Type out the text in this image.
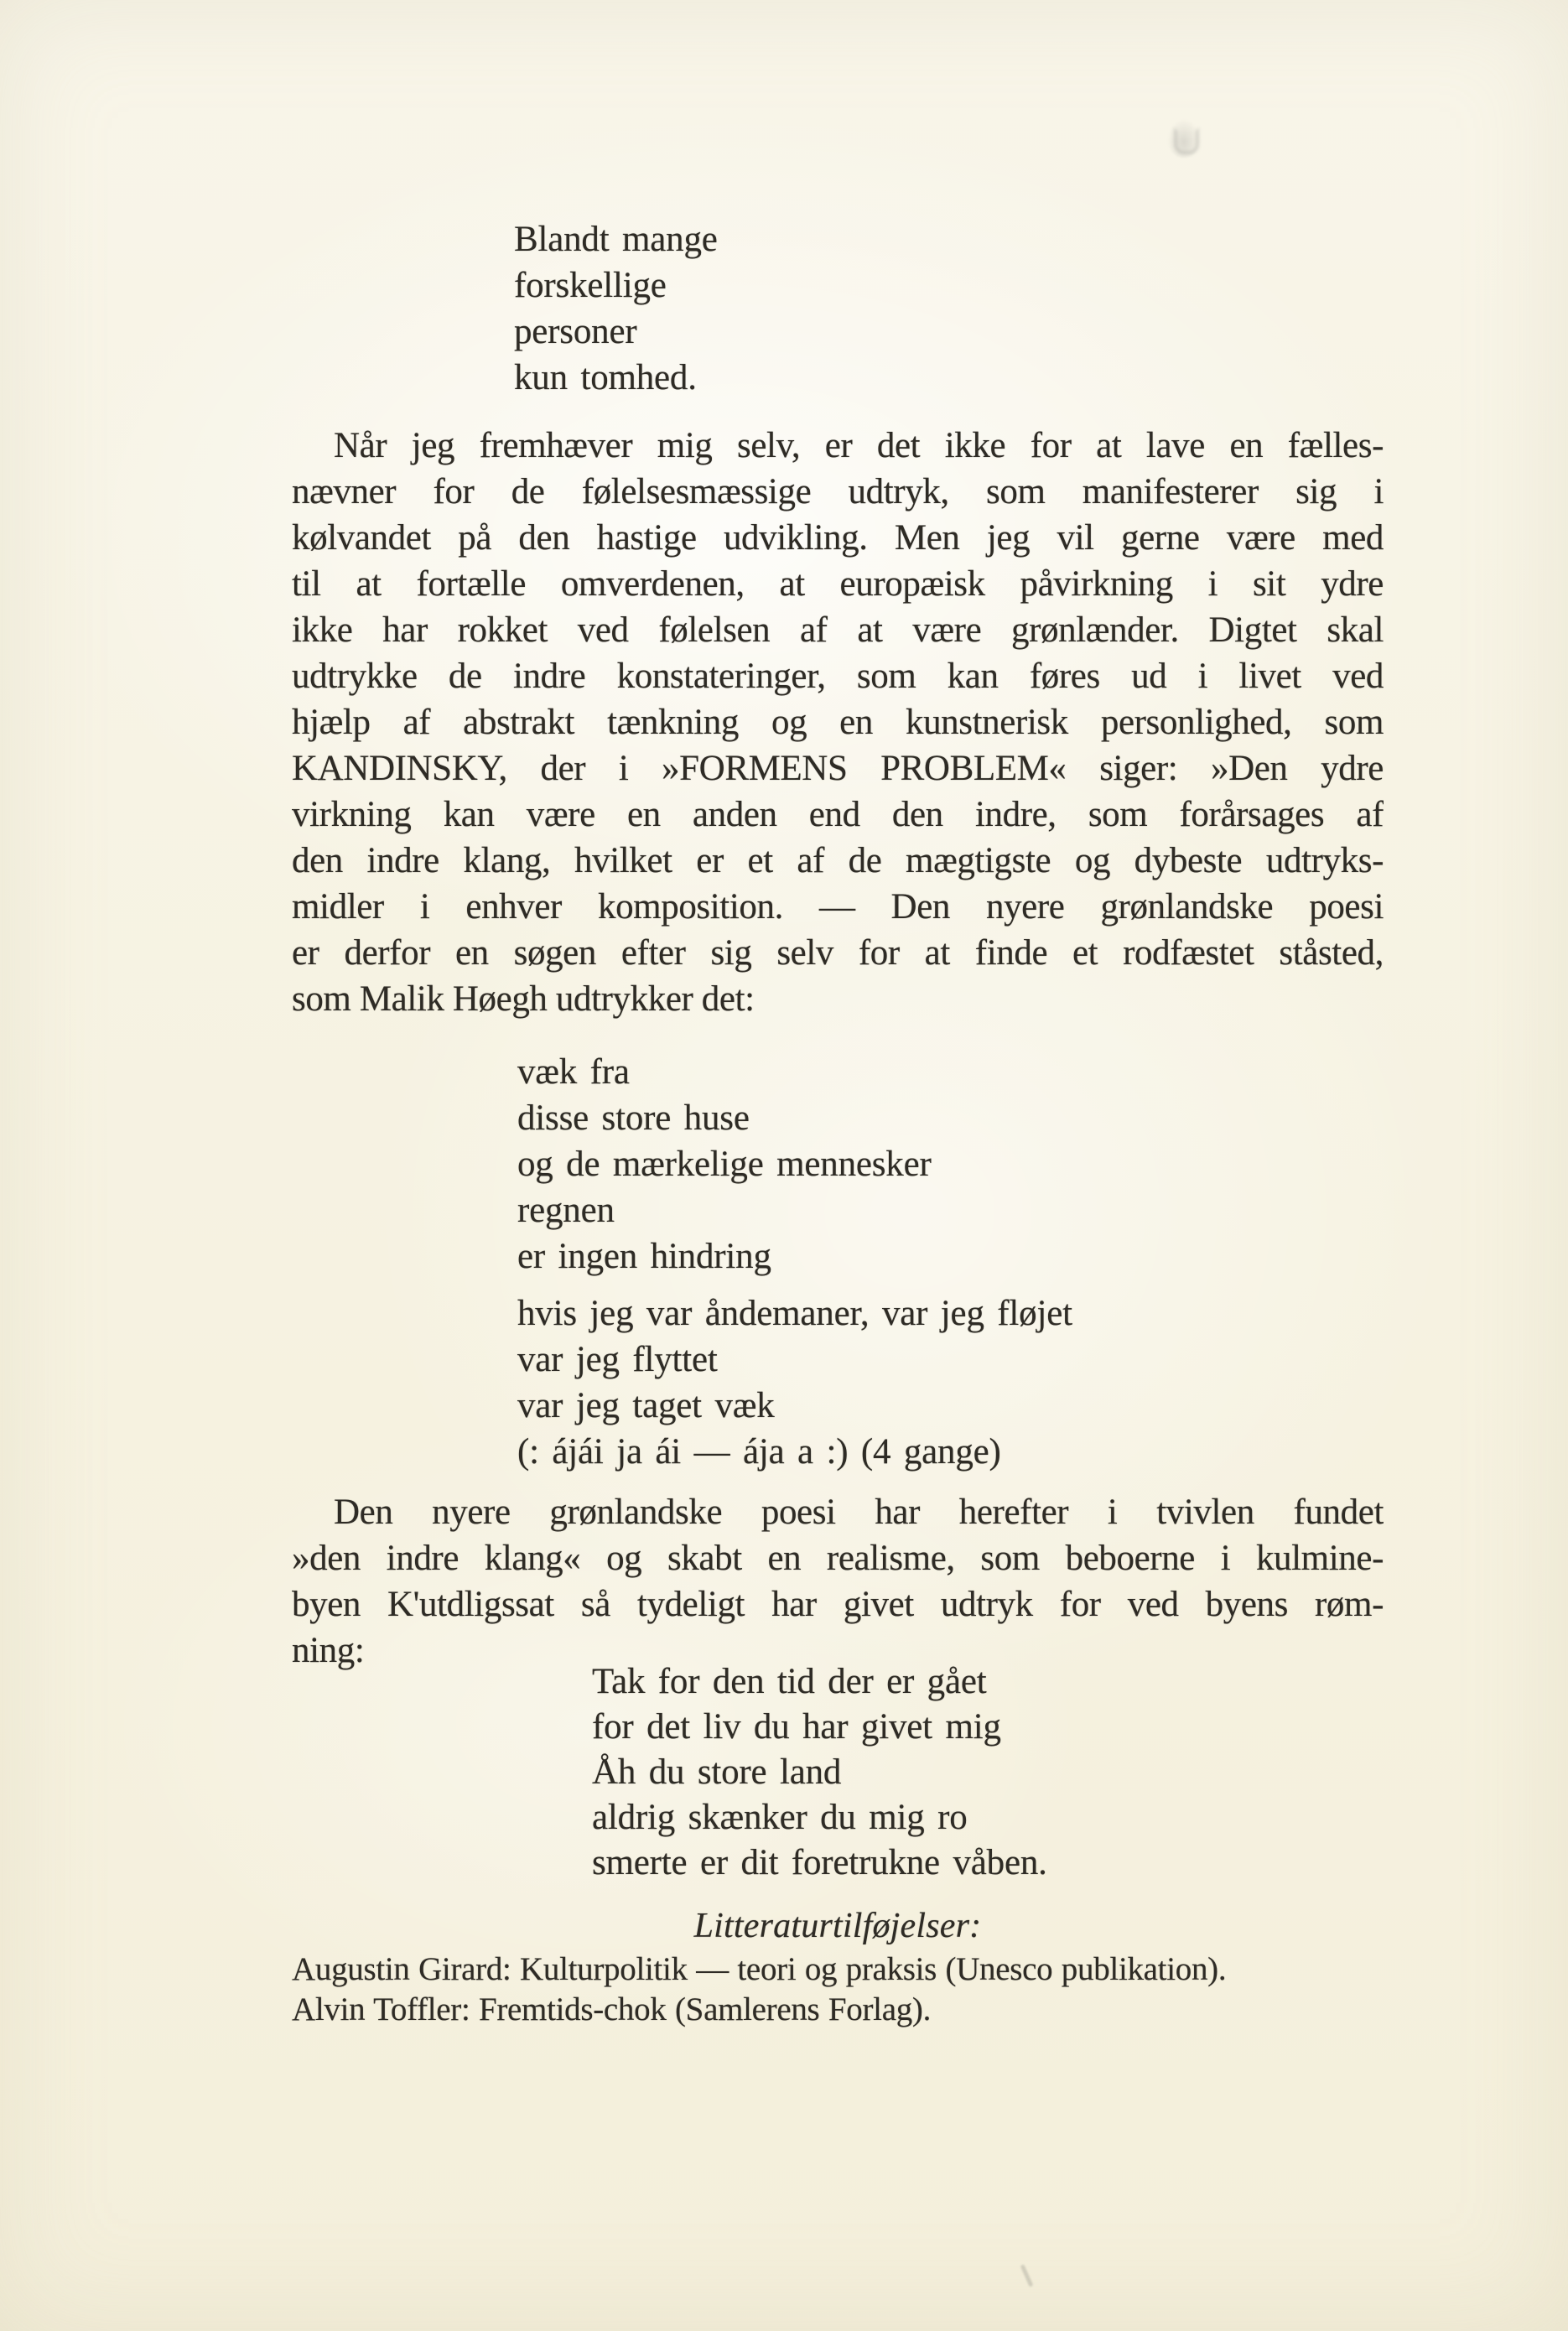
Blandt mange
forskellige
personer
kun tomhed.
Når jeg fremhæver mig selv, er det ikke for at lave en fælles-
nævner for de følelsesmæssige udtryk, som manifesterer sig i
kølvandet på den hastige udvikling. Men jeg vil gerne være med
til at fortælle omverdenen, at europæisk påvirkning i sit ydre
ikke har rokket ved følelsen af at være grønlænder. Digtet skal
udtrykke de indre konstateringer, som kan føres ud i livet ved
hjælp af abstrakt tænkning og en kunstnerisk personlighed, som
KANDINSKY, der i »FORMENS PROBLEM« siger: »Den ydre
virkning kan være en anden end den indre, som forårsages af
den indre klang, hvilket er et af de mægtigste og dybeste udtryks-
midler i enhver komposition. — Den nyere grønlandske poesi
er derfor en søgen efter sig selv for at finde et rodfæstet ståsted,
som Malik Høegh udtrykker det:
væk fra
disse store huse
og de mærkelige mennesker
regnen
er ingen hindring
hvis jeg var åndemaner, var jeg fløjet
var jeg flyttet
var jeg taget væk
(: ájái ja ái — ája a :) (4 gange)
Den nyere grønlandske poesi har herefter i tvivlen fundet
»den indre klang« og skabt en realisme, som beboerne i kulmine-
byen K'utdligssat så tydeligt har givet udtryk for ved byens røm-
ning:
Tak for den tid der er gået
for det liv du har givet mig
Åh du store land
aldrig skænker du mig ro
smerte er dit foretrukne våben.
Litteraturtilføjelser:
Augustin Girard: Kulturpolitik — teori og praksis (Unesco publikation).
Alvin Toffler: Fremtids-chok (Samlerens Forlag).
